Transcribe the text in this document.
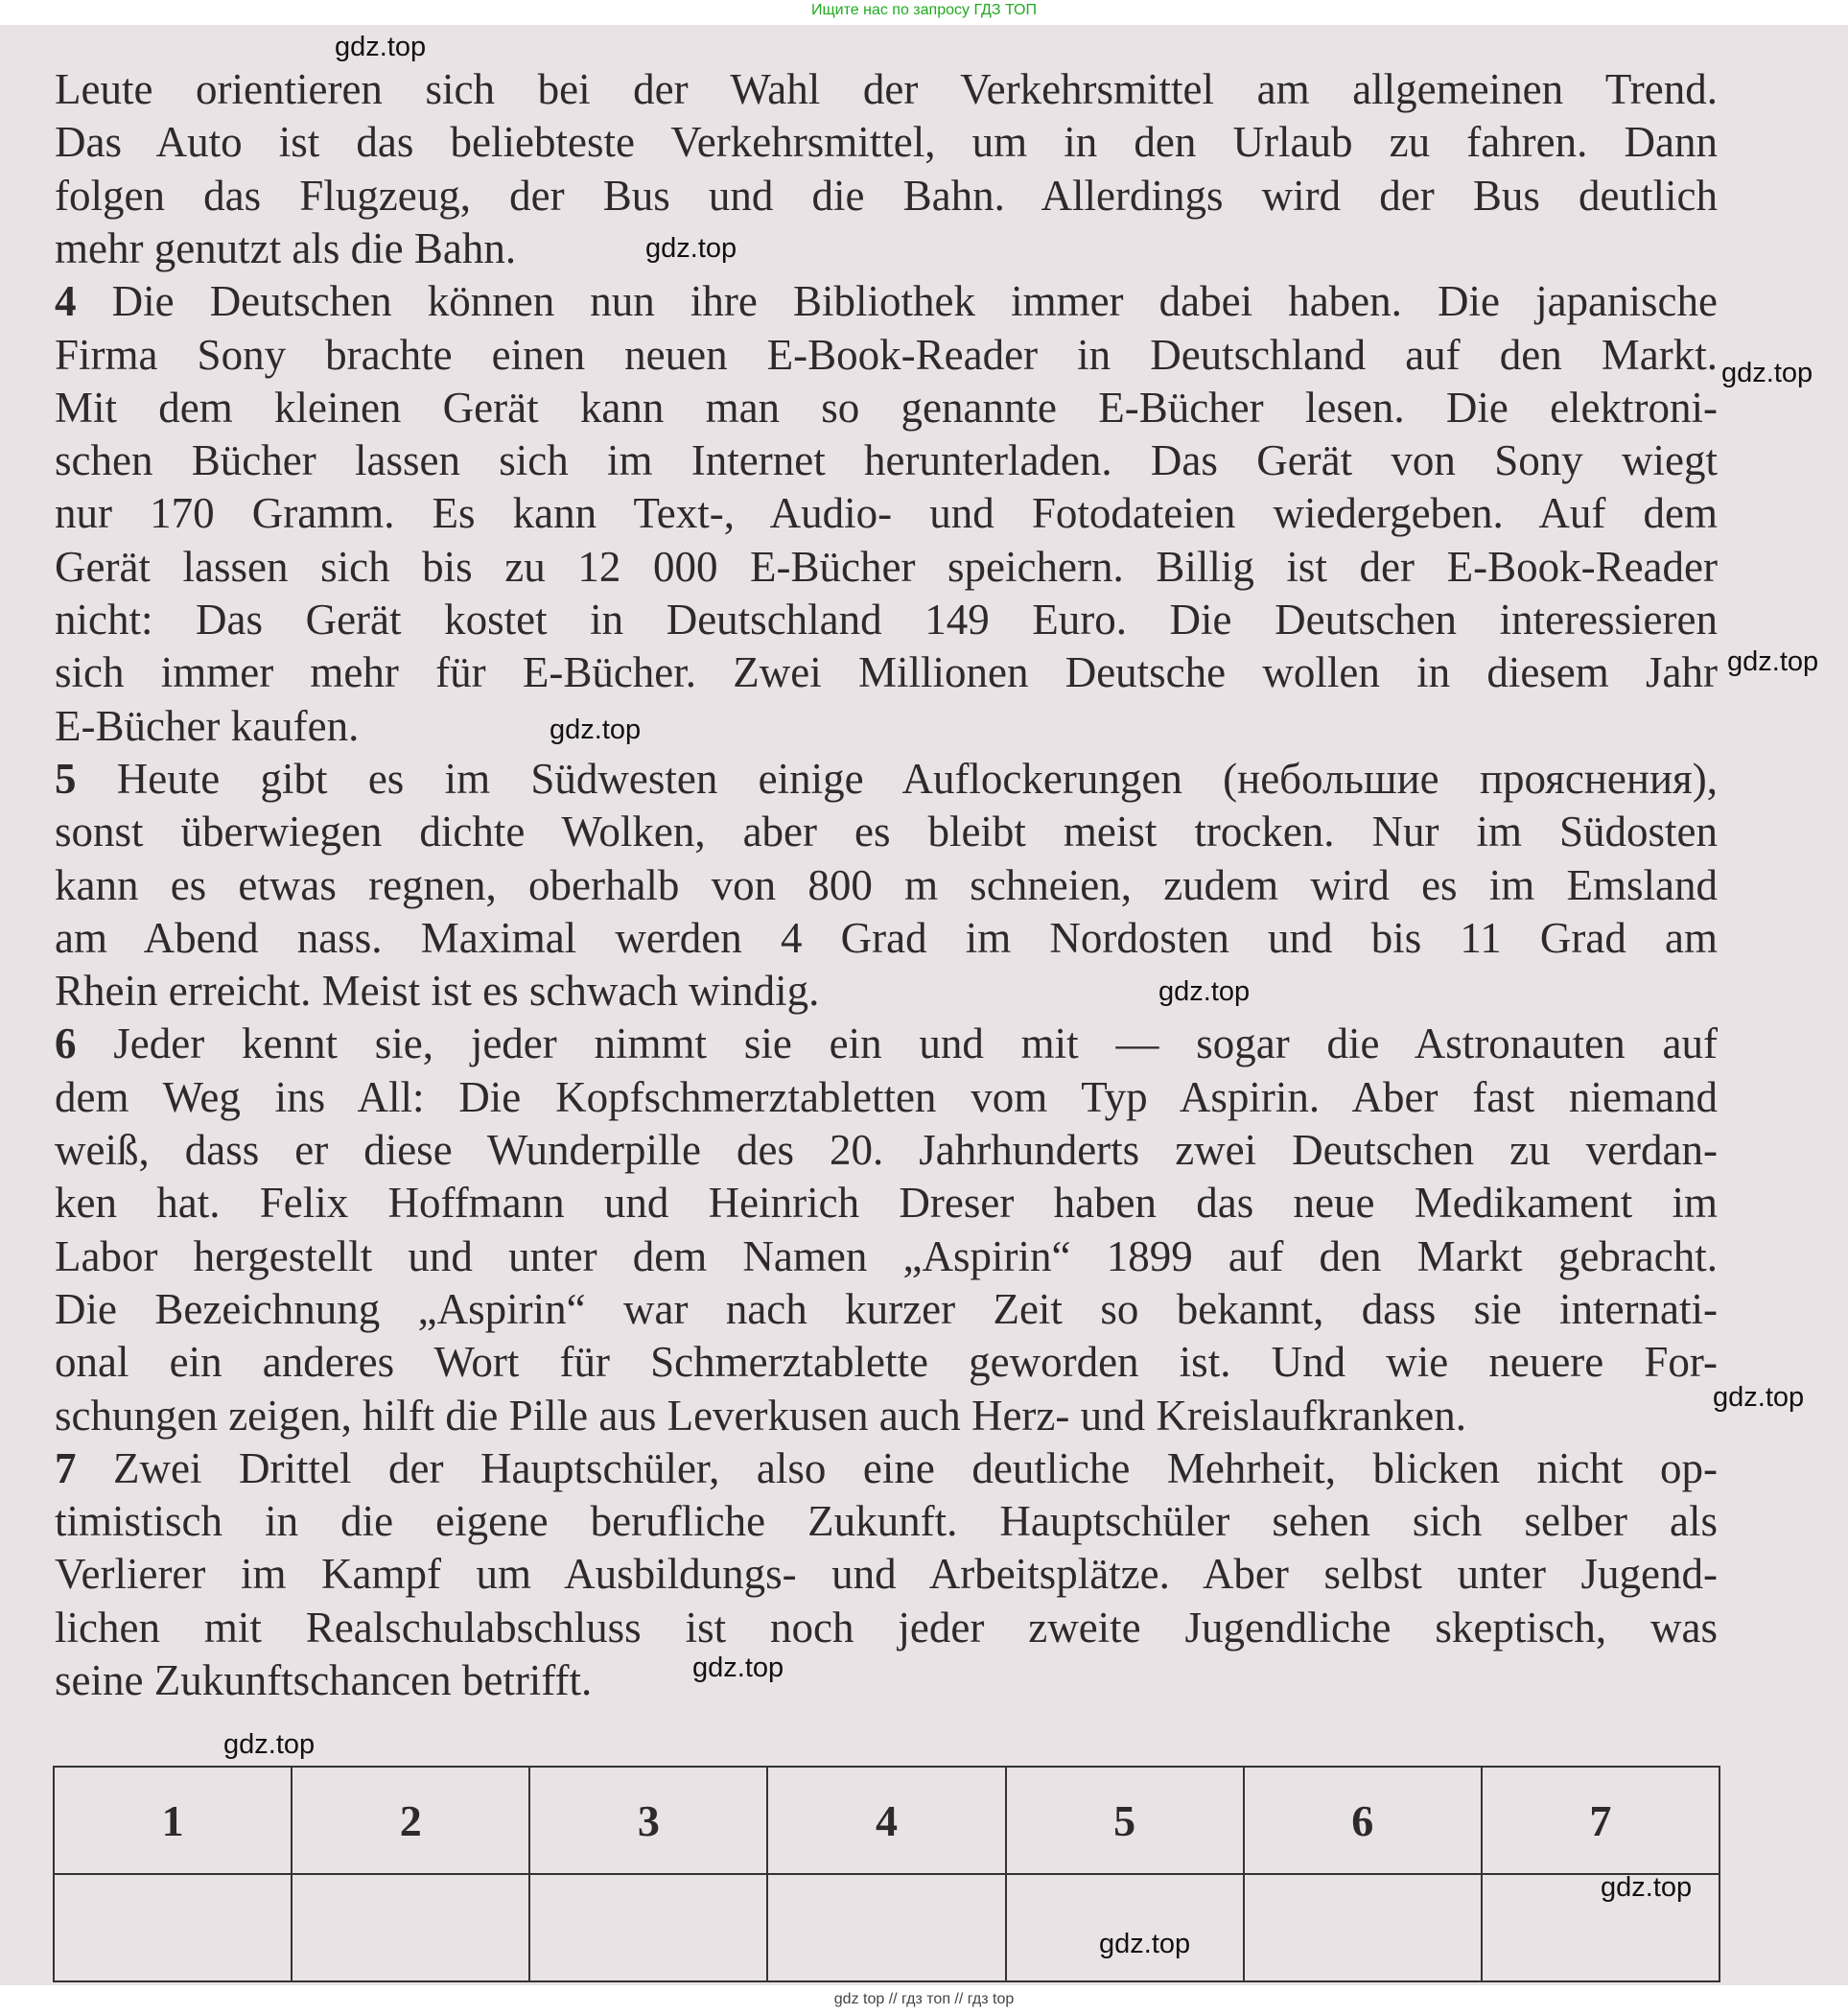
Ищите нас по запросу ГДЗ ТОП
Leute orientieren sich bei der Wahl der Verkehrsmittel am allgemeinen Trend.
Das Auto ist das beliebteste Verkehrsmittel, um in den Urlaub zu fahren. Dann
folgen das Flugzeug, der Bus und die Bahn. Allerdings wird der Bus deutlich
mehr genutzt als die Bahn.
4 Die Deutschen können nun ihre Bibliothek immer dabei haben. Die japanische
Firma Sony brachte einen neuen E-Book-Reader in Deutschland auf den Markt.
Mit dem kleinen Gerät kann man so genannte E-Bücher lesen. Die elektroni-
schen Bücher lassen sich im Internet herunterladen. Das Gerät von Sony wiegt
nur 170 Gramm. Es kann Text-, Audio- und Fotodateien wiedergeben. Auf dem
Gerät lassen sich bis zu 12 000 E-Bücher speichern. Billig ist der E-Book-Reader
nicht: Das Gerät kostet in Deutschland 149 Euro. Die Deutschen interessieren
sich immer mehr für E-Bücher. Zwei Millionen Deutsche wollen in diesem Jahr
E-Bücher kaufen.
5 Heute gibt es im Südwesten einige Auflockerungen (небольшие прояснения),
sonst überwiegen dichte Wolken, aber es bleibt meist trocken. Nur im Südosten
kann es etwas regnen, oberhalb von 800 m schneien, zudem wird es im Emsland
am Abend nass. Maximal werden 4 Grad im Nordosten und bis 11 Grad am
Rhein erreicht. Meist ist es schwach windig.
6 Jeder kennt sie, jeder nimmt sie ein und mit — sogar die Astronauten auf
dem Weg ins All: Die Kopfschmerztabletten vom Typ Aspirin. Aber fast niemand
weiß, dass er diese Wunderpille des 20. Jahrhunderts zwei Deutschen zu verdan-
ken hat. Felix Hoffmann und Heinrich Dreser haben das neue Medikament im
Labor hergestellt und unter dem Namen „Aspirin“ 1899 auf den Markt gebracht.
Die Bezeichnung „Aspirin“ war nach kurzer Zeit so bekannt, dass sie internati-
onal ein anderes Wort für Schmerztablette geworden ist. Und wie neuere For-
schungen zeigen, hilft die Pille aus Leverkusen auch Herz- und Kreislaufkranken.
7 Zwei Drittel der Hauptschüler, also eine deutliche Mehrheit, blicken nicht op-
timistisch in die eigene berufliche Zukunft. Hauptschüler sehen sich selber als
Verlierer im Kampf um Ausbildungs- und Arbeitsplätze. Aber selbst unter Jugend-
lichen mit Realschulabschluss ist noch jeder zweite Jugendliche skeptisch, was
seine Zukunftschancen betrifft.
1	2	3	4	5	6	7

gdz.top
gdz.top
gdz.top
gdz.top
gdz.top
gdz.top
gdz.top
gdz.top
gdz.top
gdz.top
gdz.top
gdz top // гдз топ // гдз top
